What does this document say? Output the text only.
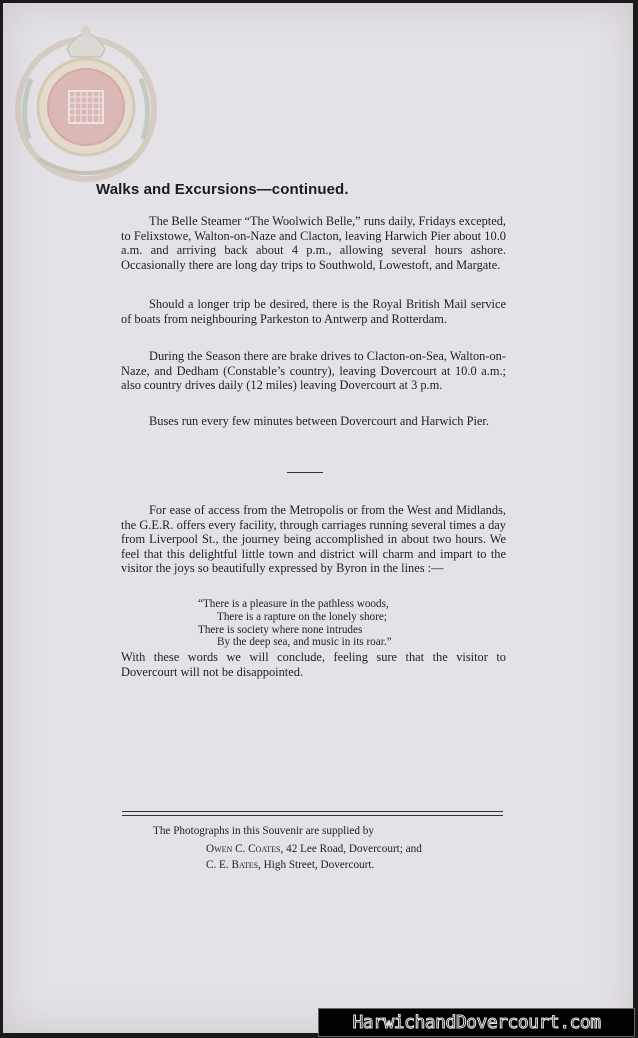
Walks and Excursions—continued.

The Belle Steamer “The Woolwich Belle,” runs daily, Fridays excepted, to Felixstowe, Walton-on-Naze and Clacton, leaving Harwich Pier about 10.0 a.m. and arriving back about 4 p.m., allowing several hours ashore. Occasionally there are long day trips to Southwold, Lowestoft, and Margate.

Should a longer trip be desired, there is the Royal British Mail service of boats from neighbouring Parkeston to Antwerp and Rotterdam.

During the Season there are brake drives to Clacton-on-Sea, Walton-on-Naze, and Dedham (Constable’s country), leaving Dovercourt at 10.0 a.m.; also country drives daily (12 miles) leaving Dovercourt at 3 p.m.

Buses run every few minutes between Dovercourt and Harwich Pier.

For ease of access from the Metropolis or from the West and Midlands, the G.E.R. offers every facility, through carriages running several times a day from Liverpool St., the journey being accomplished in about two hours. We feel that this delightful little town and district will charm and impart to the visitor the joys so beautifully expressed by Byron in the lines :—

“There is a pleasure in the pathless woods,
There is a rapture on the lonely shore;
There is society where none intrudes
By the deep sea, and music in its roar.”

With these words we will conclude, feeling sure that the visitor to Dovercourt will not be disappointed.

The Photographs in this Souvenir are supplied by

Owen C. Coates, 42 Lee Road, Dovercourt; and

C. E. Bates, High Street, Dovercourt.

HarwichandDovercourt.com
